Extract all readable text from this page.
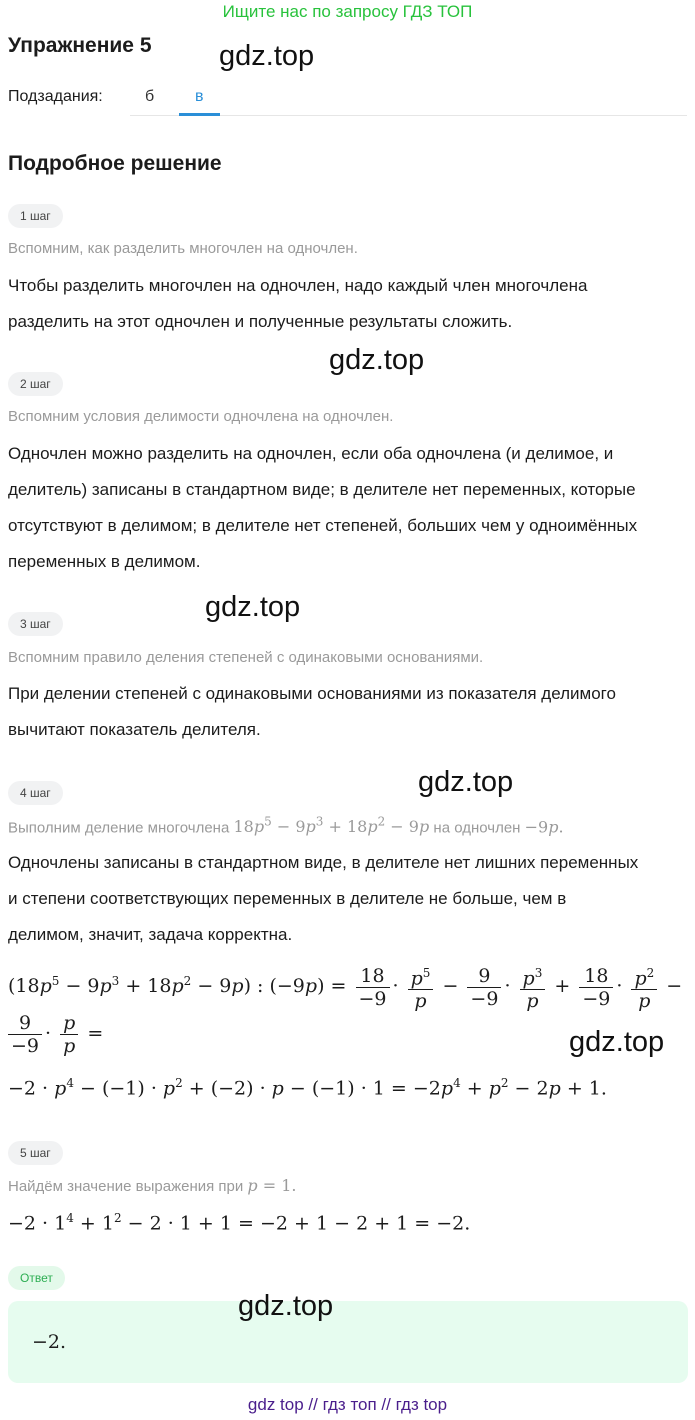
Ищите нас по запросу ГДЗ ТОП
Упражнение 5 gdz.top
Подзадания:	б	в
Подробное решение
1 шаг
Вспомним, как разделить многочлен на одночлен.
Чтобы разделить многочлен на одночлен, надо каждый член многочлена
разделить на этот одночлен и полученные результаты сложить.
gdz.top
2 шаг
Вспомним условия делимости одночлена на одночлен.
Одночлен можно разделить на одночлен, если оба одночлена (и делимое, и
делитель) записаны в стандартном виде; в делителе нет переменных, которые
отсутствуют в делимом; в делителе нет степеней, больших чем у одноимённых
переменных в делимом.
gdz.top
3 шаг
Вспомним правило деления степеней с одинаковыми основаниями.
При делении степеней с одинаковыми основаниями из показателя делимого
вычитают показатель делителя.
gdz.top
4 шаг
Выполним деление многочлена $18p^5 - 9p^3 + 18p^2 - 9p$ на одночлен −9p.
Одночлены записаны в стандартном виде, в делителе нет лишних переменных
и степени соответствующих переменных в делителе не больше, чем в
делимом, значит, задача корректна.
$(18p^5 - 9p^3 + 18p^2 - 9p)$ : $(-9p) = \frac{18}{-9} \cdot \frac{p^5}{p} - \frac{9}{-9} \cdot \frac{p^3}{p} + \frac{18}{-9} \cdot \frac{p^2}{p}$ −
$\frac{9}{-9} \cdot \frac{p}{p}$ =	gdz.top
$-2 \cdot p^4 - (-1) \cdot p^2 + (-2) \cdot p - (-1) \cdot 1 = -2p^4 + p^2 - 2p + 1$.
5 шаг
Найдём значение выражения при p = 1.
$-2 \cdot 1^4 + 1^2 - 2 \cdot 1 + 1 = -2 + 1 - 2 + 1 = -2$.
Ответ
−2.
gdz.top
gdz top // гдз топ // гдз top
